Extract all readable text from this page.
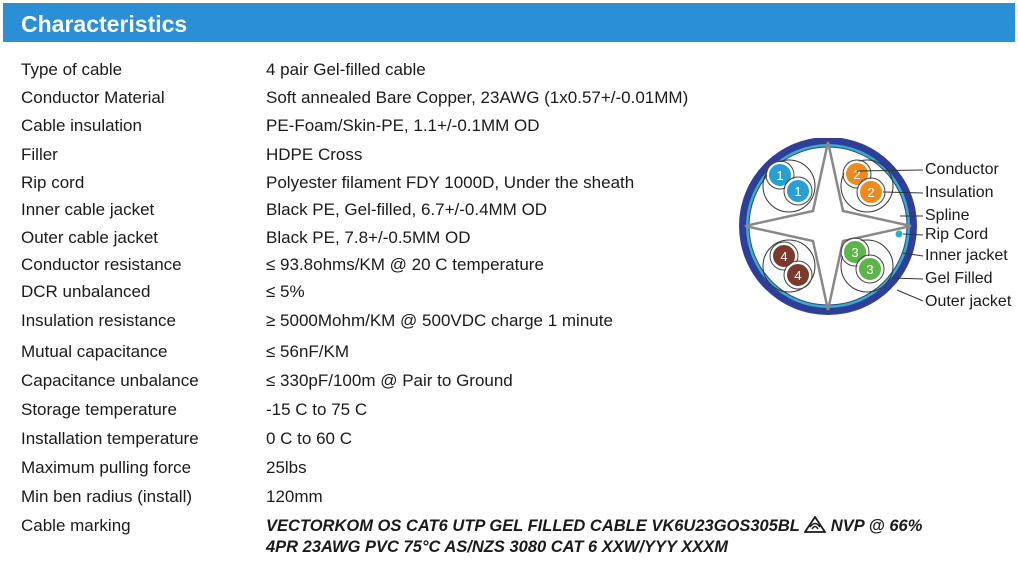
Characteristics
Type of cable	4 pair Gel-filled cable
Conductor Material	Soft annealed Bare Copper, 23AWG (1x0.57+/-0.01MM)
Cable insulation	PE-Foam/Skin-PE, 1.1+/-0.1MM OD
Filler	HDPE Cross
Rip cord	Polyester filament FDY 1000D, Under the sheath
Inner cable jacket	Black PE, Gel-filled, 6.7+/-0.4MM OD
Outer cable jacket	Black PE, 7.8+/-0.5MM OD
Conductor resistance	≤ 93.8ohms/KM @ 20 C temperature
DCR unbalanced	≤ 5%
Insulation resistance	≥ 5000Mohm/KM @ 500VDC charge 1 minute
Mutual capacitance	≤ 56nF/KM
Capacitance unbalance	≤ 330pF/100m @ Pair to Ground
Storage temperature	-15 C to 75 C
Installation temperature	0 C to 60 C
Maximum pulling force	25lbs
Min ben radius (install)	120mm
Cable marking	VECTORKOM OS CAT6 UTP GEL FILLED CABLE VK6U23GOS305BL NVP @ 66%
4PR 23AWG PVC 75°C AS/NZS 3080 CAT 6 XXW/YYY XXXM
1
1
2
2
4
4
3
3
Conductor
Insulation
Spline
Rip Cord
Inner jacket
Gel Filled
Outer jacket
